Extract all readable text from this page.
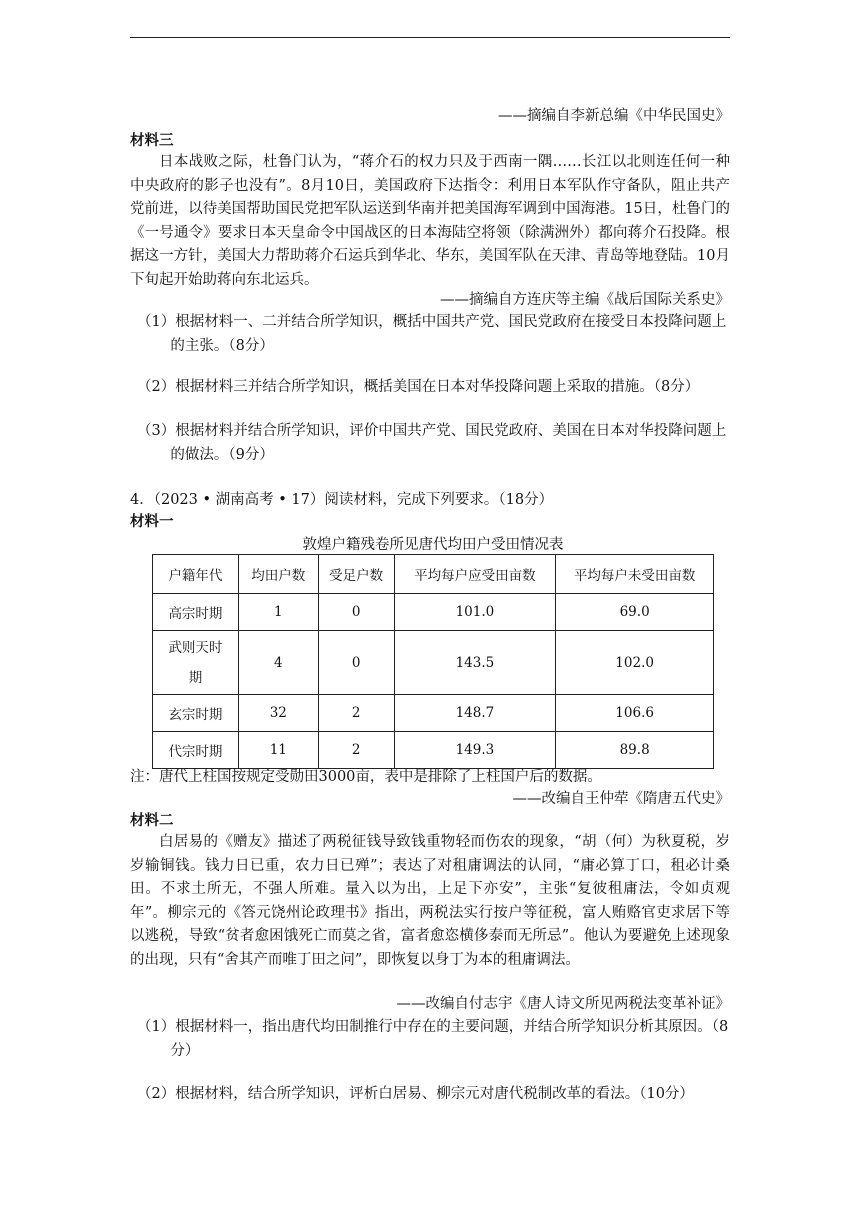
——摘编自李新总编《中华民国史》
材料三
日本战败之际，杜鲁门认为，“蒋介石的权力只及于西南一隅……长江以北则连任何一种中央政府的影子也没有”。8月10日，美国政府下达指令：利用日本军队作守备队，阻止共产党前进，以待美国帮助国民党把军队运送到华南并把美国海军调到中国海港。15日，杜鲁门的《一号通令》要求日本天皇命令中国战区的日本海陆空将领（除满洲外）都向蒋介石投降。根据这一方针，美国大力帮助蒋介石运兵到华北、华东，美国军队在天津、青岛等地登陆。10月下旬起开始助蒋向东北运兵。
——摘编自方连庆等主编《战后国际关系史》
（1）根据材料一、二并结合所学知识，概括中国共产党、国民党政府在接受日本投降问题上的主张。（8分）
（2）根据材料三并结合所学知识，概括美国在日本对华投降问题上采取的措施。（8分）
（3）根据材料并结合所学知识，评价中国共产党、国民党政府、美国在日本对华投降问题上的做法。（9分）
4．（2023 • 湖南高考 • 17）阅读材料，完成下列要求。（18分）
材料一
敦煌户籍残卷所见唐代均田户受田情况表
户籍年代	均田户数	受足户数	平均每户应受田亩数	平均每户未受田亩数
高宗时期	1	0	101.0	69.0
武则天时期	4	0	143.5	102.0
玄宗时期	32	2	148.7	106.6
代宗时期	11	2	149.3	89.8
注：唐代上柱国按规定受勋田3000亩，表中是排除了上柱国户后的数据。
——改编自王仲荦《隋唐五代史》
材料二
白居易的《赠友》描述了两税征钱导致钱重物轻而伤农的现象，“胡（何）为秋夏税，岁岁输铜钱。钱力日已重，农力日已殚”；表达了对租庸调法的认同，“庸必算丁口，租必计桑田。不求土所无，不强人所难。量入以为出，上足下亦安”，主张“复彼租庸法，令如贞观年”。柳宗元的《答元饶州论政理书》指出，两税法实行按户等征税，富人贿赂官吏求居下等以逃税，导致“贫者愈困饿死亡而莫之省，富者愈恣横侈泰而无所忌”。他认为要避免上述现象的出现，只有“舍其产而唯丁田之问”，即恢复以身丁为本的租庸调法。
——改编自付志宇《唐人诗文所见两税法变革补证》
（1）根据材料一，指出唐代均田制推行中存在的主要问题，并结合所学知识分析其原因。（8分）
（2）根据材料，结合所学知识，评析白居易、柳宗元对唐代税制改革的看法。（10分）
